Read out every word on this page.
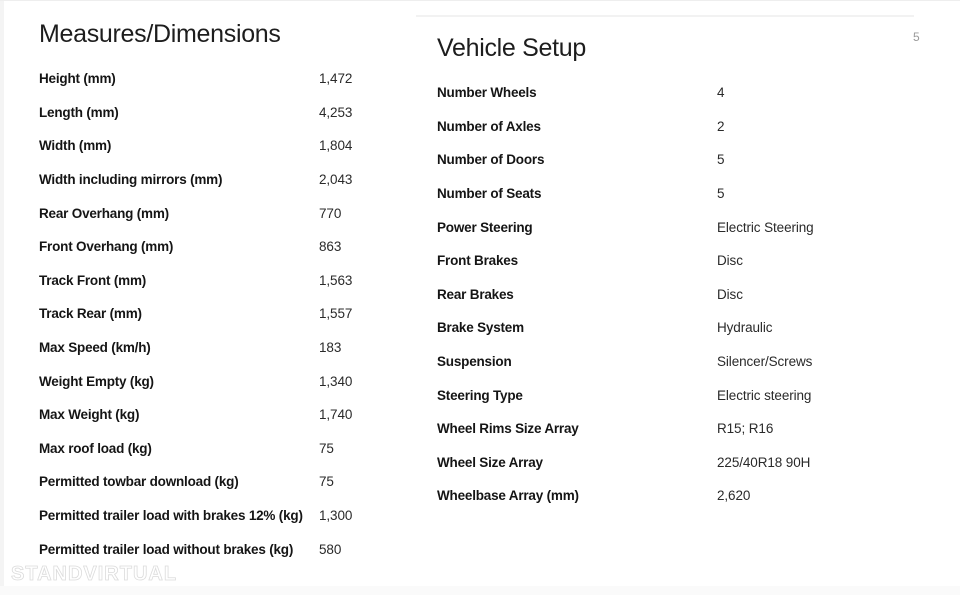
Measures/Dimensions
Height (mm)	1,472
Length (mm)	4,253
Width (mm)	1,804
Width including mirrors (mm)	2,043
Rear Overhang (mm)	770
Front Overhang (mm)	863
Track Front (mm)	1,563
Track Rear (mm)	1,557
Max Speed (km/h)	183
Weight Empty (kg)	1,340
Max Weight (kg)	1,740
Max roof load (kg)	75
Permitted towbar download (kg)	75
Permitted trailer load with brakes 12% (kg)	1,300
Permitted trailer load without brakes (kg)	580
Vehicle Setup
Number Wheels	4
Number of Axles	2
Number of Doors	5
Number of Seats	5
Power Steering	Electric Steering
Front Brakes	Disc
Rear Brakes	Disc
Brake System	Hydraulic
Suspension	Silencer/Screws
Steering Type	Electric steering
Wheel Rims Size Array	R15; R16
Wheel Size Array	225/40R18 90H
Wheelbase Array (mm)	2,620
5
STANDVIRTUAL
